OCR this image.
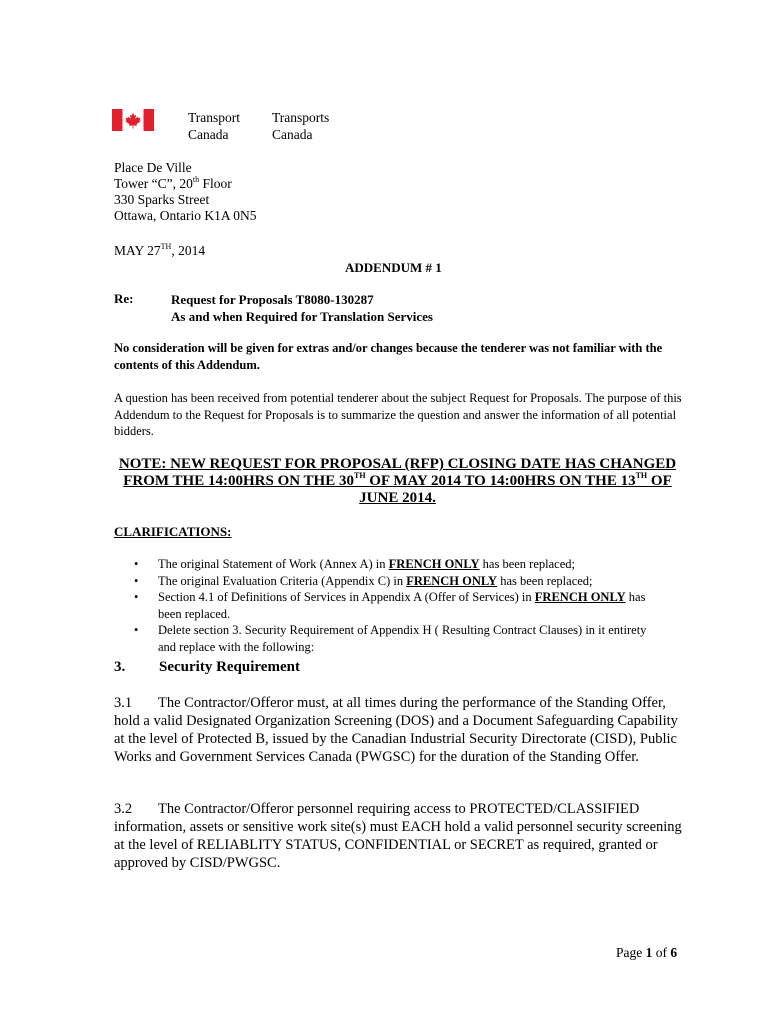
Transport
Canada
Transports
Canada
Place De Ville
Tower “C”, 20th Floor
330 Sparks Street
Ottawa, Ontario K1A 0N5
MAY 27TH, 2014
ADDENDUM # 1
Re:	Request for Proposals T8080-130287
As and when Required for Translation Services
No consideration will be given for extras and/or changes because the tenderer was not familiar with the contents of this Addendum.
A question has been received from potential tenderer about the subject Request for Proposals. The purpose of this Addendum to the Request for Proposals is to summarize the question and answer the information of all potential bidders.
NOTE: NEW REQUEST FOR PROPOSAL (RFP) CLOSING DATE HAS CHANGED FROM THE 14:00HRS ON THE 30TH OF MAY 2014 TO 14:00HRS ON THE 13TH OF JUNE 2014.
CLARIFICATIONS:
• The original Statement of Work (Annex A) in FRENCH ONLY has been replaced;
• The original Evaluation Criteria (Appendix C) in FRENCH ONLY has been replaced;
• Section 4.1 of Definitions of Services in Appendix A (Offer of Services) in FRENCH ONLY has been replaced.
• Delete section 3. Security Requirement of Appendix H ( Resulting Contract Clauses) in it entirety and replace with the following:
3. Security Requirement
3.1 The Contractor/Offeror must, at all times during the performance of the Standing Offer, hold a valid Designated Organization Screening (DOS) and a Document Safeguarding Capability at the level of Protected B, issued by the Canadian Industrial Security Directorate (CISD), Public Works and Government Services Canada (PWGSC) for the duration of the Standing Offer.
3.2 The Contractor/Offeror personnel requiring access to PROTECTED/CLASSIFIED information, assets or sensitive work site(s) must EACH hold a valid personnel security screening at the level of RELIABLITY STATUS, CONFIDENTIAL or SECRET as required, granted or approved by CISD/PWGSC.
Page 1 of 6
